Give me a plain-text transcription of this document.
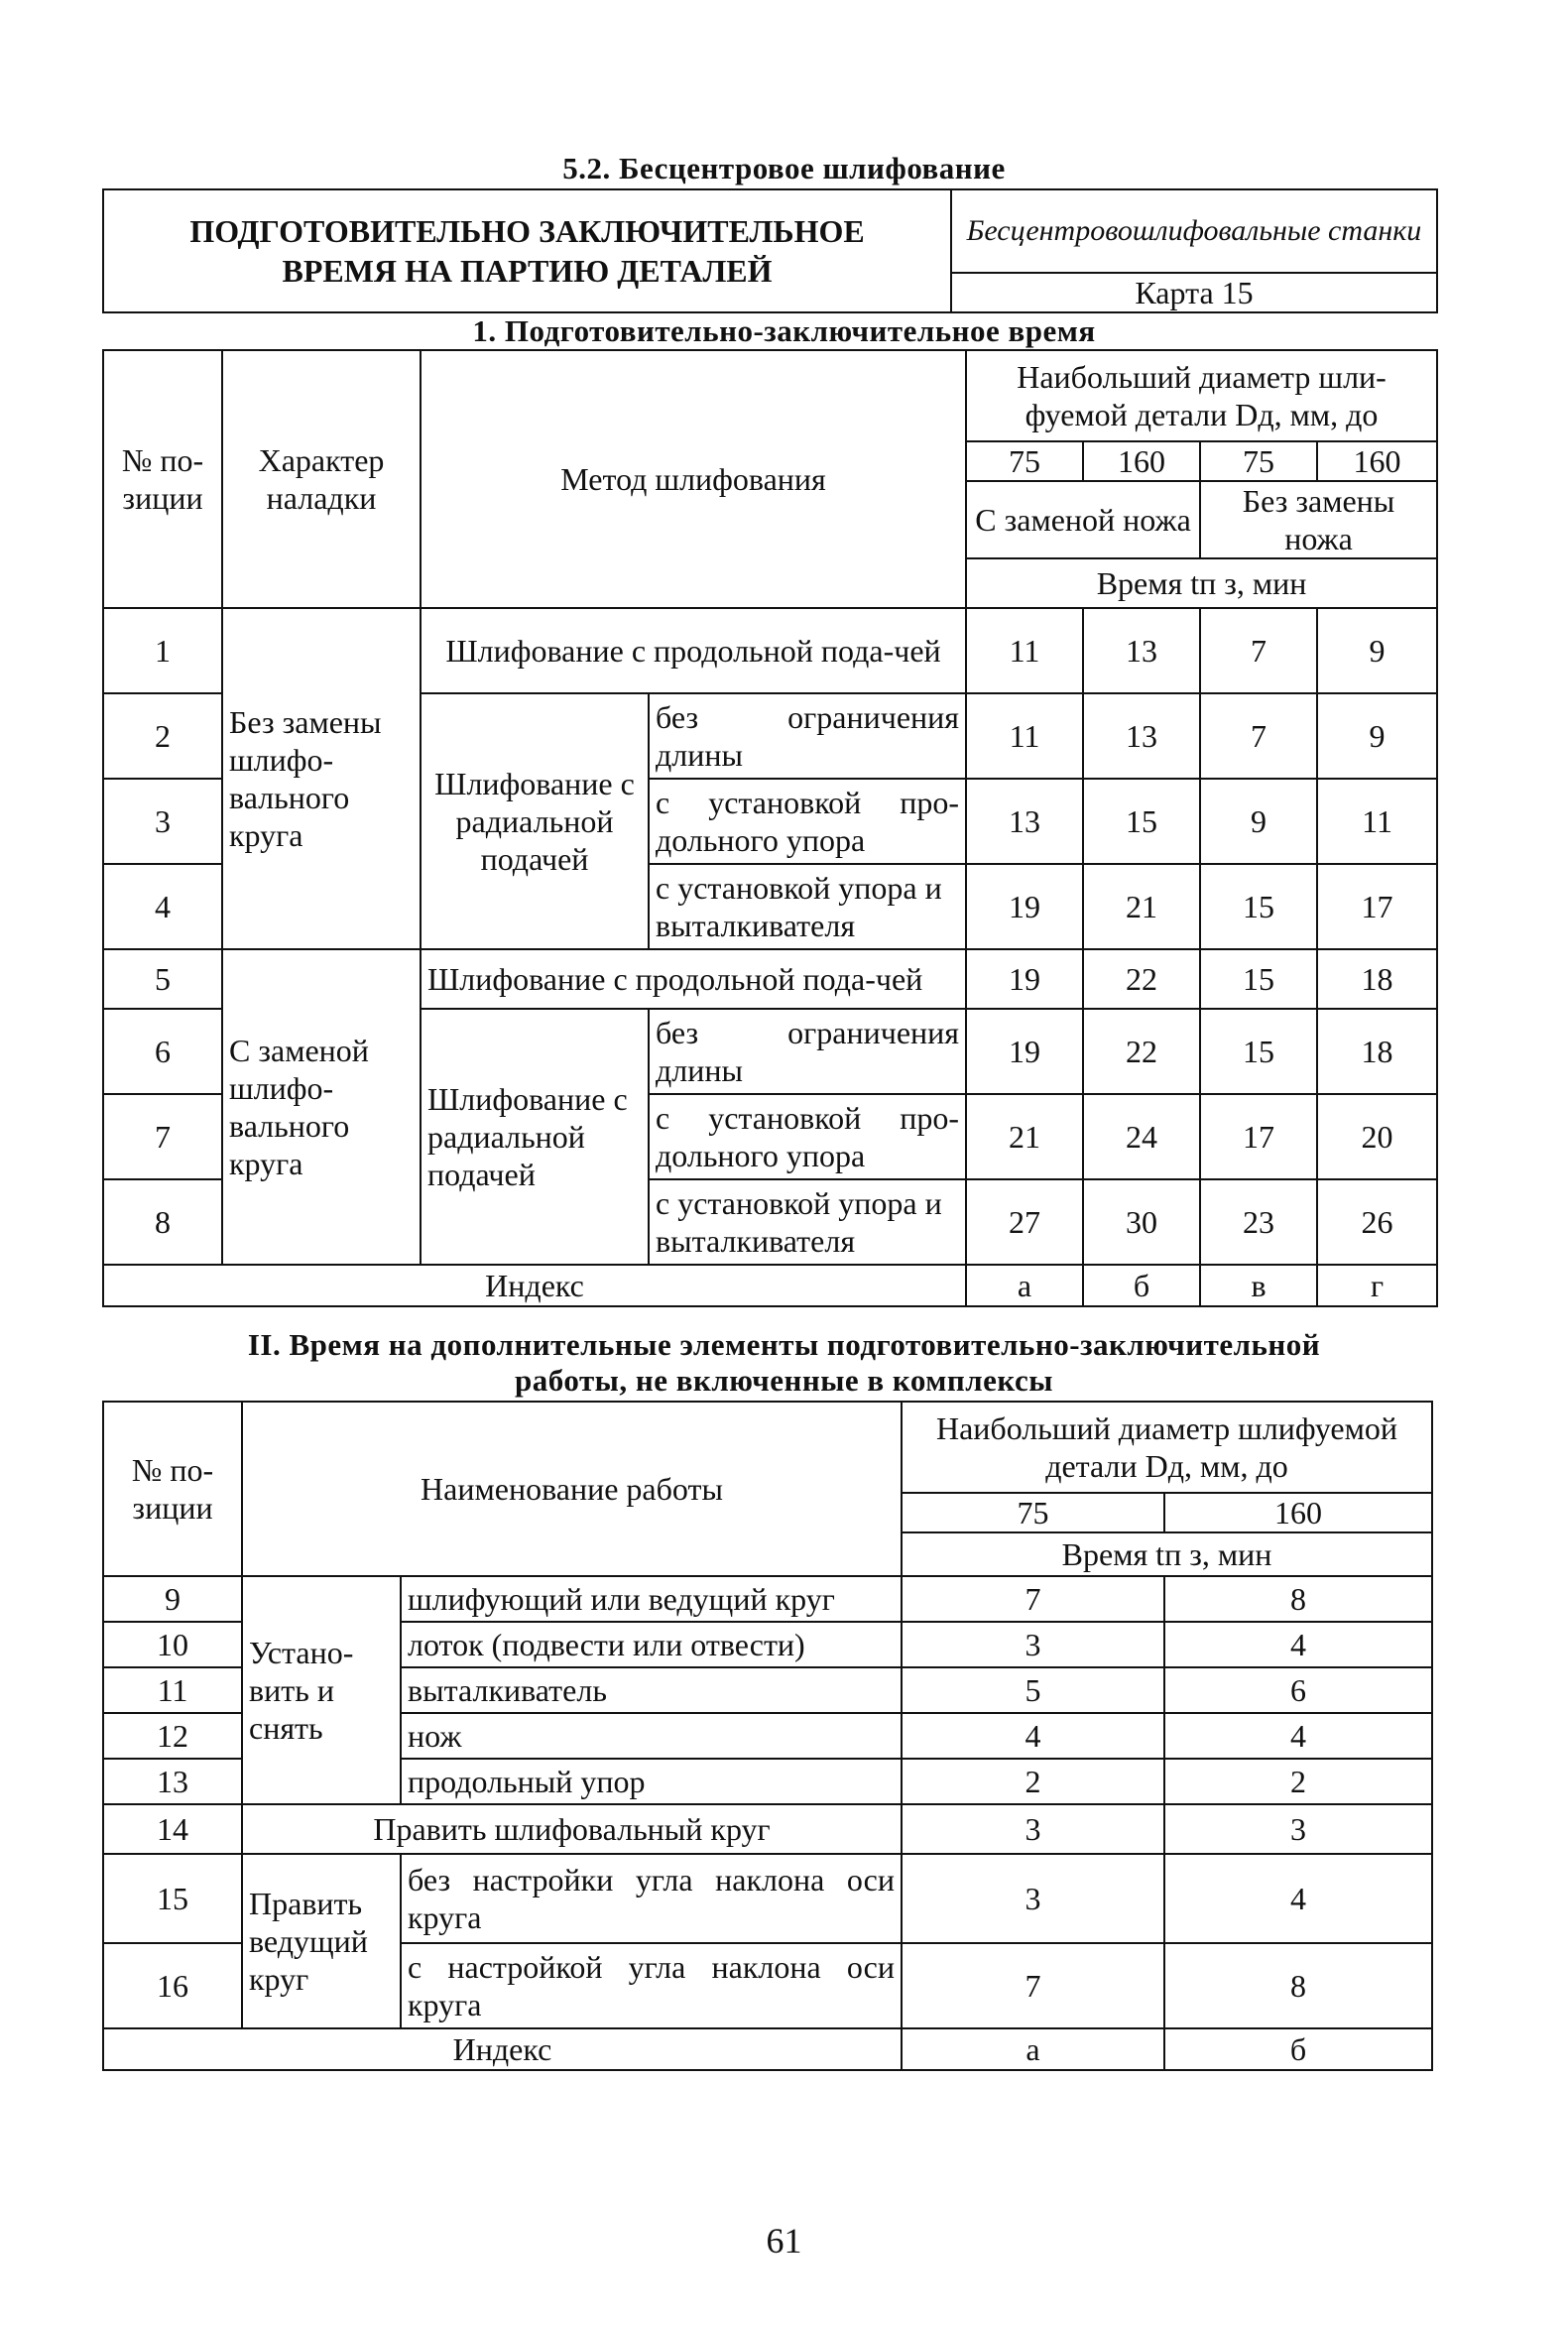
5.2. Бесцентровое шлифование
ПОДГОТОВИТЕЛЬНО ЗАКЛЮЧИТЕЛЬНОЕ
ВРЕМЯ НА ПАРТИЮ ДЕТАЛЕЙ
	Бесцентровошлифовальные станки
Карта 15
1. Подготовительно-заключительное время
№ по-зиции	Характер наладки	Метод шлифования		Наибольший диаметр шли-фуемой детали Dд, мм, до			
				75	160	75	160
				С заменой ножа		Без замены ножа	
				Время tп з, мин			
1	Без замены шлифо-вального круга	Шлифование с продольной пода-чей		11	13	7	9
2		Шлифование с радиальной подачей	без ограничения длины	11	13	7	9
3			с установкой про-дольного упора	13	15	9	11
4			с установкой упора и выталкивателя	19	21	15	17
5	С заменой шлифо-вального круга	Шлифование с продольной пода-чей		19	22	15	18
6		Шлифование с радиальной подачей	без ограничения длины	19	22	15	18
7			с установкой про-дольного упора	21	24	17	20
8			с установкой упора и выталкивателя	27	30	23	26
Индекс				а	б	в	г
II. Время на дополнительные элементы подготовительно-заключительной
работы, не включенные в комплексы
№ по-зиции	Наименование работы		Наибольший диаметр шлифуемой детали Dд, мм, до	
			75	160
			Время tп з, мин	
9	Устано-вить и снять	шлифующий или ведущий круг	7	8
10		лоток (подвести или отвести)	3	4
11		выталкиватель	5	6
12		нож	4	4
13		продольный упор	2	2
14	Править шлифовальный круг		3	3
15	Править ведущий круг	без настройки угла наклона оси круга	3	4
16		с настройкой угла наклона оси круга	7	8
Индекс			а	б
61
